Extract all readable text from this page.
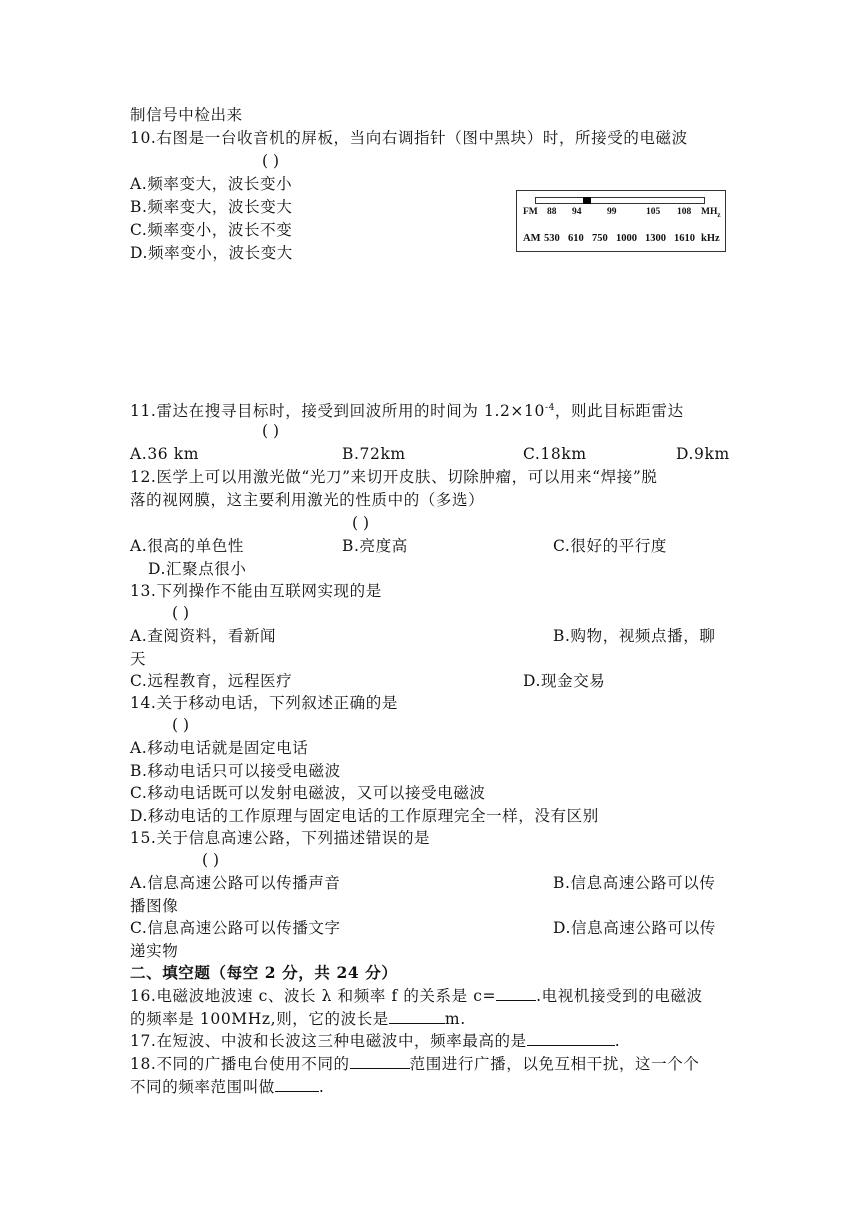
制信号中检出来
10.右图是一台收音机的屏板，当向右调指针（图中黑块）时，所接受的电磁波
( )
A.频率变大，波长变小
B.频率变大，波长变大
C.频率变小，波长不变
D.频率变小，波长变大
FM 88 94	99	105 108 $MH_z$
AM 530 610 750 1000 1300 1610 kHz
11.雷达在搜寻目标时，接受到回波所用的时间为 $1.2\times 10^{-4}$，则此目标距雷达
( )
A.36 km	B.72km	C.18km	D.9km
12.医学上可以用激光做“光刀”来切开皮肤、切除肿瘤，可以用来“焊接”脱
落的视网膜，这主要利用激光的性质中的（多选）
( )
A.很高的单色性	B.亮度高	C.很好的平行度
D.汇聚点很小
13.下列操作不能由互联网实现的是
( )
A.查阅资料，看新闻	B.购物，视频点播，聊
天
C.远程教育，远程医疗	D.现金交易
14.关于移动电话，下列叙述正确的是
( )
A.移动电话就是固定电话
B.移动电话只可以接受电磁波
C.移动电话既可以发射电磁波，又可以接受电磁波
D.移动电话的工作原理与固定电话的工作原理完全一样，没有区别
15.关于信息高速公路，下列描述错误的是
( )
A.信息高速公路可以传播声音	B.信息高速公路可以传
播图像
C.信息高速公路可以传播文字	D.信息高速公路可以传
递实物
二、填空题（每空 2 分，共 24 分）
16.电磁波地波速 c、波长 λ 和频率 f 的关系是 c=	.电视机接受到的电磁波
的频率是 100MHz,则，它的波长是	m.
17.在短波、中波和长波这三种电磁波中，频率最高的是	.
18.不同的广播电台使用不同的	范围进行广播，以免互相干扰，这一个个
不同的频率范围叫做	.
